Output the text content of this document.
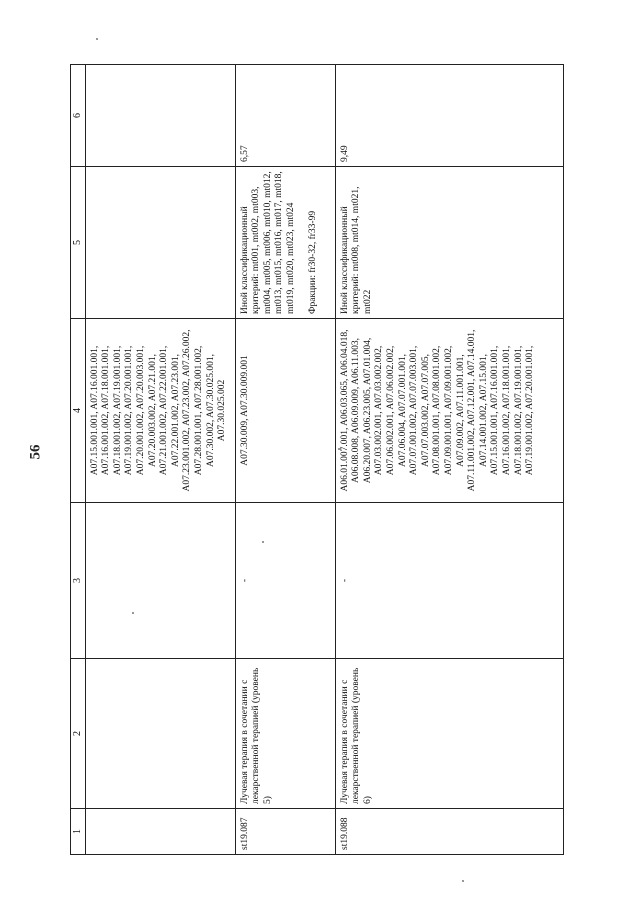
56
1	2	3	4	5	6
			A07.15.001.001, A07.16.001.001, A07.16.001.002, A07.18.001.001, A07.18.001.002, A07.19.001.001, A07.19.001.002, A07.20.001.001, A07.20.001.002, A07.20.003.001, A07.20.003.002, A07.21.001, A07.21.001.002, A07.22.001.001, A07.22.001.002, A07.23.001, A07.23.001.002, A07.23.002, A07.26.002, A07.28.001.001, A07.28.001.002, A07.30.002, A07.30.025.001, A07.30.025.002		
st19.087	Лучевая терапия в сочетании с лекарственной терапией (уровень 5)	-	A07.30.009, A07.30.009.001	Иной классификационный критерий: mt001, mt002, mt003, mt004, mt005, mt006, mt010, mt012, mt013, mt015, mt016, mt017, mt018, mt019, mt020, mt023, mt024 Фракции: fr30-32, fr33-99	6,57
st19.088	Лучевая терапия в сочетании с лекарственной терапией (уровень 6)	-	A06.01.007.001, A06.03.065, A06.04.018, A06.08.008, A06.09.009, A06.11.003, A06.20.007, A06.23.005, A07.01.004, A07.03.002.001, A07.03.002.002, A07.06.002.001, A07.06.002.002, A07.06.004, A07.07.001.001, A07.07.001.002, A07.07.003.001, A07.07.003.002, A07.07.005, A07.08.001.001, A07.08.001.002, A07.09.001.001, A07.09.001.002, A07.09.002, A07.11.001.001, A07.11.001.002, A07.12.001, A07.14.001, A07.14.001.002, A07.15.001, A07.15.001.001, A07.16.001.001, A07.16.001.002, A07.18.001.001, A07.18.001.002, A07.19.001.001, A07.19.001.002, A07.20.001.001,	Иной классификационный критерий: mt008, mt014, mt021, mt022	9,49
